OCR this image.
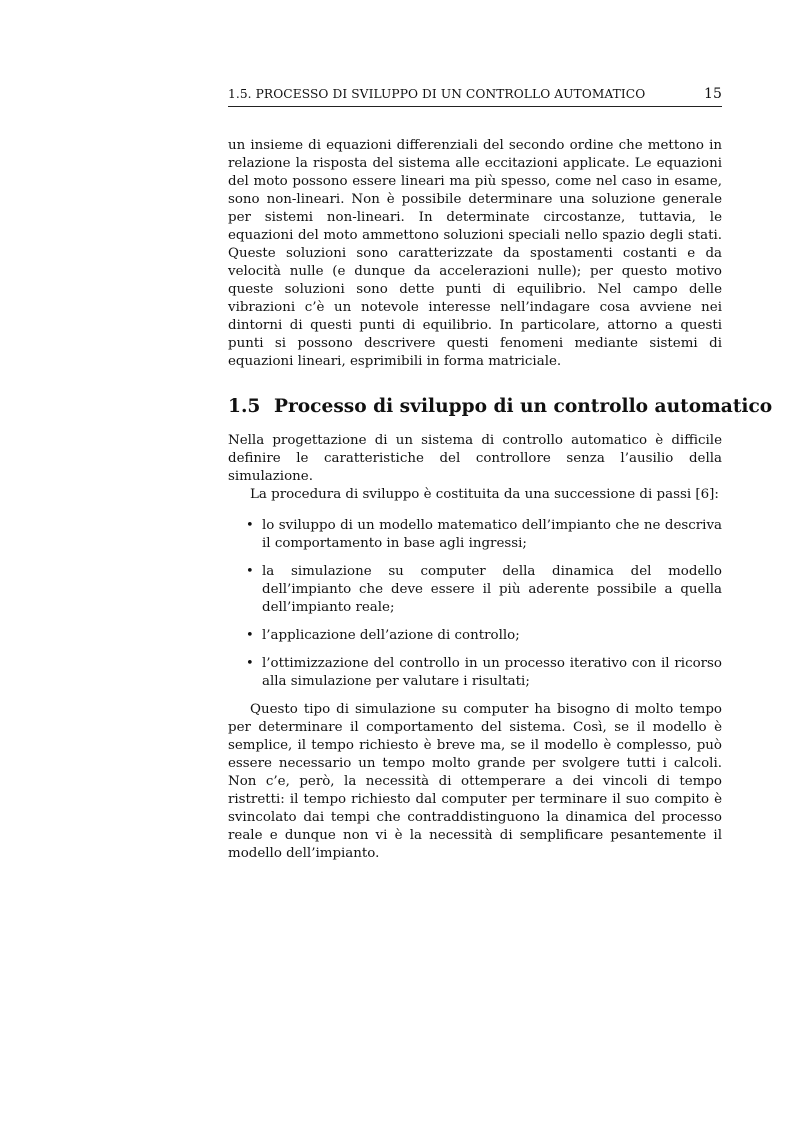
1.5. PROCESSO DI SVILUPPO DI UN CONTROLLO AUTOMATICO	15

un insieme di equazioni differenziali del secondo ordine che mettono in relazione la risposta del sistema alle eccitazioni applicate. Le equazioni del moto possono essere lineari ma più spesso, come nel caso in esame, sono non-lineari. Non è possibile determinare una soluzione generale per sistemi non-lineari. In determinate circostanze, tuttavia, le equazioni del moto ammettono soluzioni speciali nello spazio degli stati. Queste soluzioni sono caratterizzate da spostamenti costanti e da velocità nulle (e dunque da accelerazioni nulle); per questo motivo queste soluzioni sono dette punti di equilibrio. Nel campo delle vibrazioni c’è un notevole interesse nell’indagare cosa avviene nei dintorni di questi punti di equilibrio. In particolare, attorno a questi punti si possono descrivere questi fenomeni mediante sistemi di equazioni lineari, esprimibili in forma matriciale.

1.5 Processo di sviluppo di un controllo automatico

Nella progettazione di un sistema di controllo automatico è difficile definire le caratteristiche del controllore senza l’ausilio della simulazione.

La procedura di sviluppo è costituita da una successione di passi [6]:

• lo sviluppo di un modello matematico dell’impianto che ne descriva il comportamento in base agli ingressi;
• la simulazione su computer della dinamica del modello dell’impianto che deve essere il più aderente possibile a quella dell’impianto reale;
• l’applicazione dell’azione di controllo;
• l’ottimizzazione del controllo in un processo iterativo con il ricorso alla simulazione per valutare i risultati;

Questo tipo di simulazione su computer ha bisogno di molto tempo per determinare il comportamento del sistema. Così, se il modello è semplice, il tempo richiesto è breve ma, se il modello è complesso, può essere necessario un tempo molto grande per svolgere tutti i calcoli. Non c’e, però, la necessità di ottemperare a dei vincoli di tempo ristretti: il tempo richiesto dal computer per terminare il suo compito è svincolato dai tempi che contraddistinguono la dinamica del processo reale e dunque non vi è la necessità di semplificare pesantemente il modello dell’impianto.
